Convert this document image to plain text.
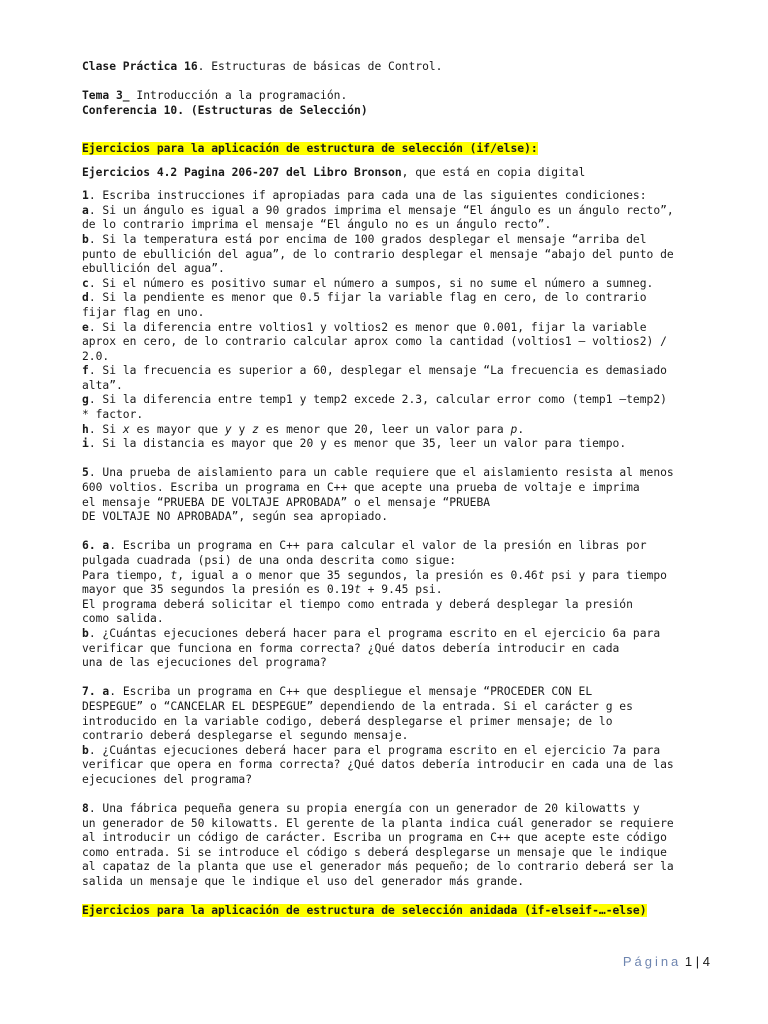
Clase Práctica 16. Estructuras de básicas de Control.
Tema 3_ Introducción a la programación.
Conferencia 10. (Estructuras de Selección)
Ejercicios para la aplicación de estructura de selección (if/else):
Ejercicios 4.2 Pagina 206-207 del Libro Bronson, que está en copia digital
1. Escriba instrucciones if apropiadas para cada una de las siguientes condiciones:
a. Si un ángulo es igual a 90 grados imprima el mensaje “El ángulo es un ángulo recto”,
de lo contrario imprima el mensaje “El ángulo no es un ángulo recto”.
b. Si la temperatura está por encima de 100 grados desplegar el mensaje “arriba del
punto de ebullición del agua”, de lo contrario desplegar el mensaje “abajo del punto de
ebullición del agua”.
c. Si el número es positivo sumar el número a sumpos, si no sume el número a sumneg.
d. Si la pendiente es menor que 0.5 fijar la variable flag en cero, de lo contrario
fijar flag en uno.
e. Si la diferencia entre voltios1 y voltios2 es menor que 0.001, fijar la variable
aprox en cero, de lo contrario calcular aprox como la cantidad (voltios1 – voltios2) /
2.0.
f. Si la frecuencia es superior a 60, desplegar el mensaje “La frecuencia es demasiado
alta”.
g. Si la diferencia entre temp1 y temp2 excede 2.3, calcular error como (temp1 —temp2)
* factor.
h. Si x es mayor que y y z es menor que 20, leer un valor para p.
i. Si la distancia es mayor que 20 y es menor que 35, leer un valor para tiempo.
5. Una prueba de aislamiento para un cable requiere que el aislamiento resista al menos
600 voltios. Escriba un programa en C++ que acepte una prueba de voltaje e imprima
el mensaje “PRUEBA DE VOLTAJE APROBADA” o el mensaje “PRUEBA
DE VOLTAJE NO APROBADA”, según sea apropiado.
6. a. Escriba un programa en C++ para calcular el valor de la presión en libras por
pulgada cuadrada (psi) de una onda descrita como sigue:
Para tiempo, t, igual a o menor que 35 segundos, la presión es 0.46t psi y para tiempo
mayor que 35 segundos la presión es 0.19t + 9.45 psi.
El programa deberá solicitar el tiempo como entrada y deberá desplegar la presión
como salida.
b. ¿Cuántas ejecuciones deberá hacer para el programa escrito en el ejercicio 6a para
verificar que funciona en forma correcta? ¿Qué datos debería introducir en cada
una de las ejecuciones del programa?
7. a. Escriba un programa en C++ que despliegue el mensaje “PROCEDER CON EL
DESPEGUE” o “CANCELAR EL DESPEGUE” dependiendo de la entrada. Si el carácter g es
introducido en la variable codigo, deberá desplegarse el primer mensaje; de lo
contrario deberá desplegarse el segundo mensaje.
b. ¿Cuántas ejecuciones deberá hacer para el programa escrito en el ejercicio 7a para
verificar que opera en forma correcta? ¿Qué datos debería introducir en cada una de las
ejecuciones del programa?
8. Una fábrica pequeña genera su propia energía con un generador de 20 kilowatts y
un generador de 50 kilowatts. El gerente de la planta indica cuál generador se requiere
al introducir un código de carácter. Escriba un programa en C++ que acepte este código
como entrada. Si se introduce el código s deberá desplegarse un mensaje que le indique
al capataz de la planta que use el generador más pequeño; de lo contrario deberá ser la
salida un mensaje que le indique el uso del generador más grande.
Ejercicios para la aplicación de estructura de selección anidada (if-elseif-…-else)
Página 1 | 4
